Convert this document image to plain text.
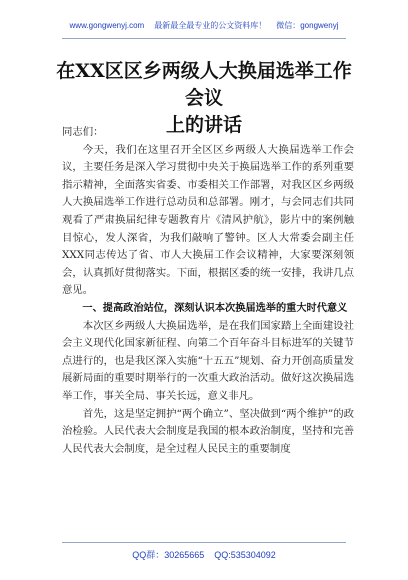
www.gongwenyj.com 最新最全最专业的公文资料库！ 微信：gongwenyj
在XX区区乡两级人大换届选举工作会议
上的讲话

同志们：

今天，我们在这里召开全区区乡两级人大换届选举工作会议，主要任务是深入学习贯彻中央关于换届选举工作的系列重要指示精神，全面落实省委、市委相关工作部署，对我区区乡两级人大换届选举工作进行总动员和总部署。刚才，与会同志们共同观看了严肃换届纪律专题教育片《清风护航》，影片中的案例触目惊心，发人深省，为我们敲响了警钟。区人大常委会副主任XXX同志传达了省、市人大换届工作会议精神，大家要深刻领会，认真抓好贯彻落实。下面，根据区委的统一安排，我讲几点意见。

一、提高政治站位，深刻认识本次换届选举的重大时代意义

本次区乡两级人大换届选举，是在我们国家踏上全面建设社会主义现代化国家新征程、向第二个百年奋斗目标进军的关键节点进行的，也是我区深入实施“十五五”规划、奋力开创高质量发展新局面的重要时期举行的一次重大政治活动。做好这次换届选举工作，事关全局、事关长远，意义非凡。

首先，这是坚定拥护“两个确立”、坚决做到“两个维护”的政治检验。人民代表大会制度是我国的根本政治制度，坚持和完善人民代表大会制度，是全过程人民民主的重要制度

QQ群：30265665 QQ:535304092
